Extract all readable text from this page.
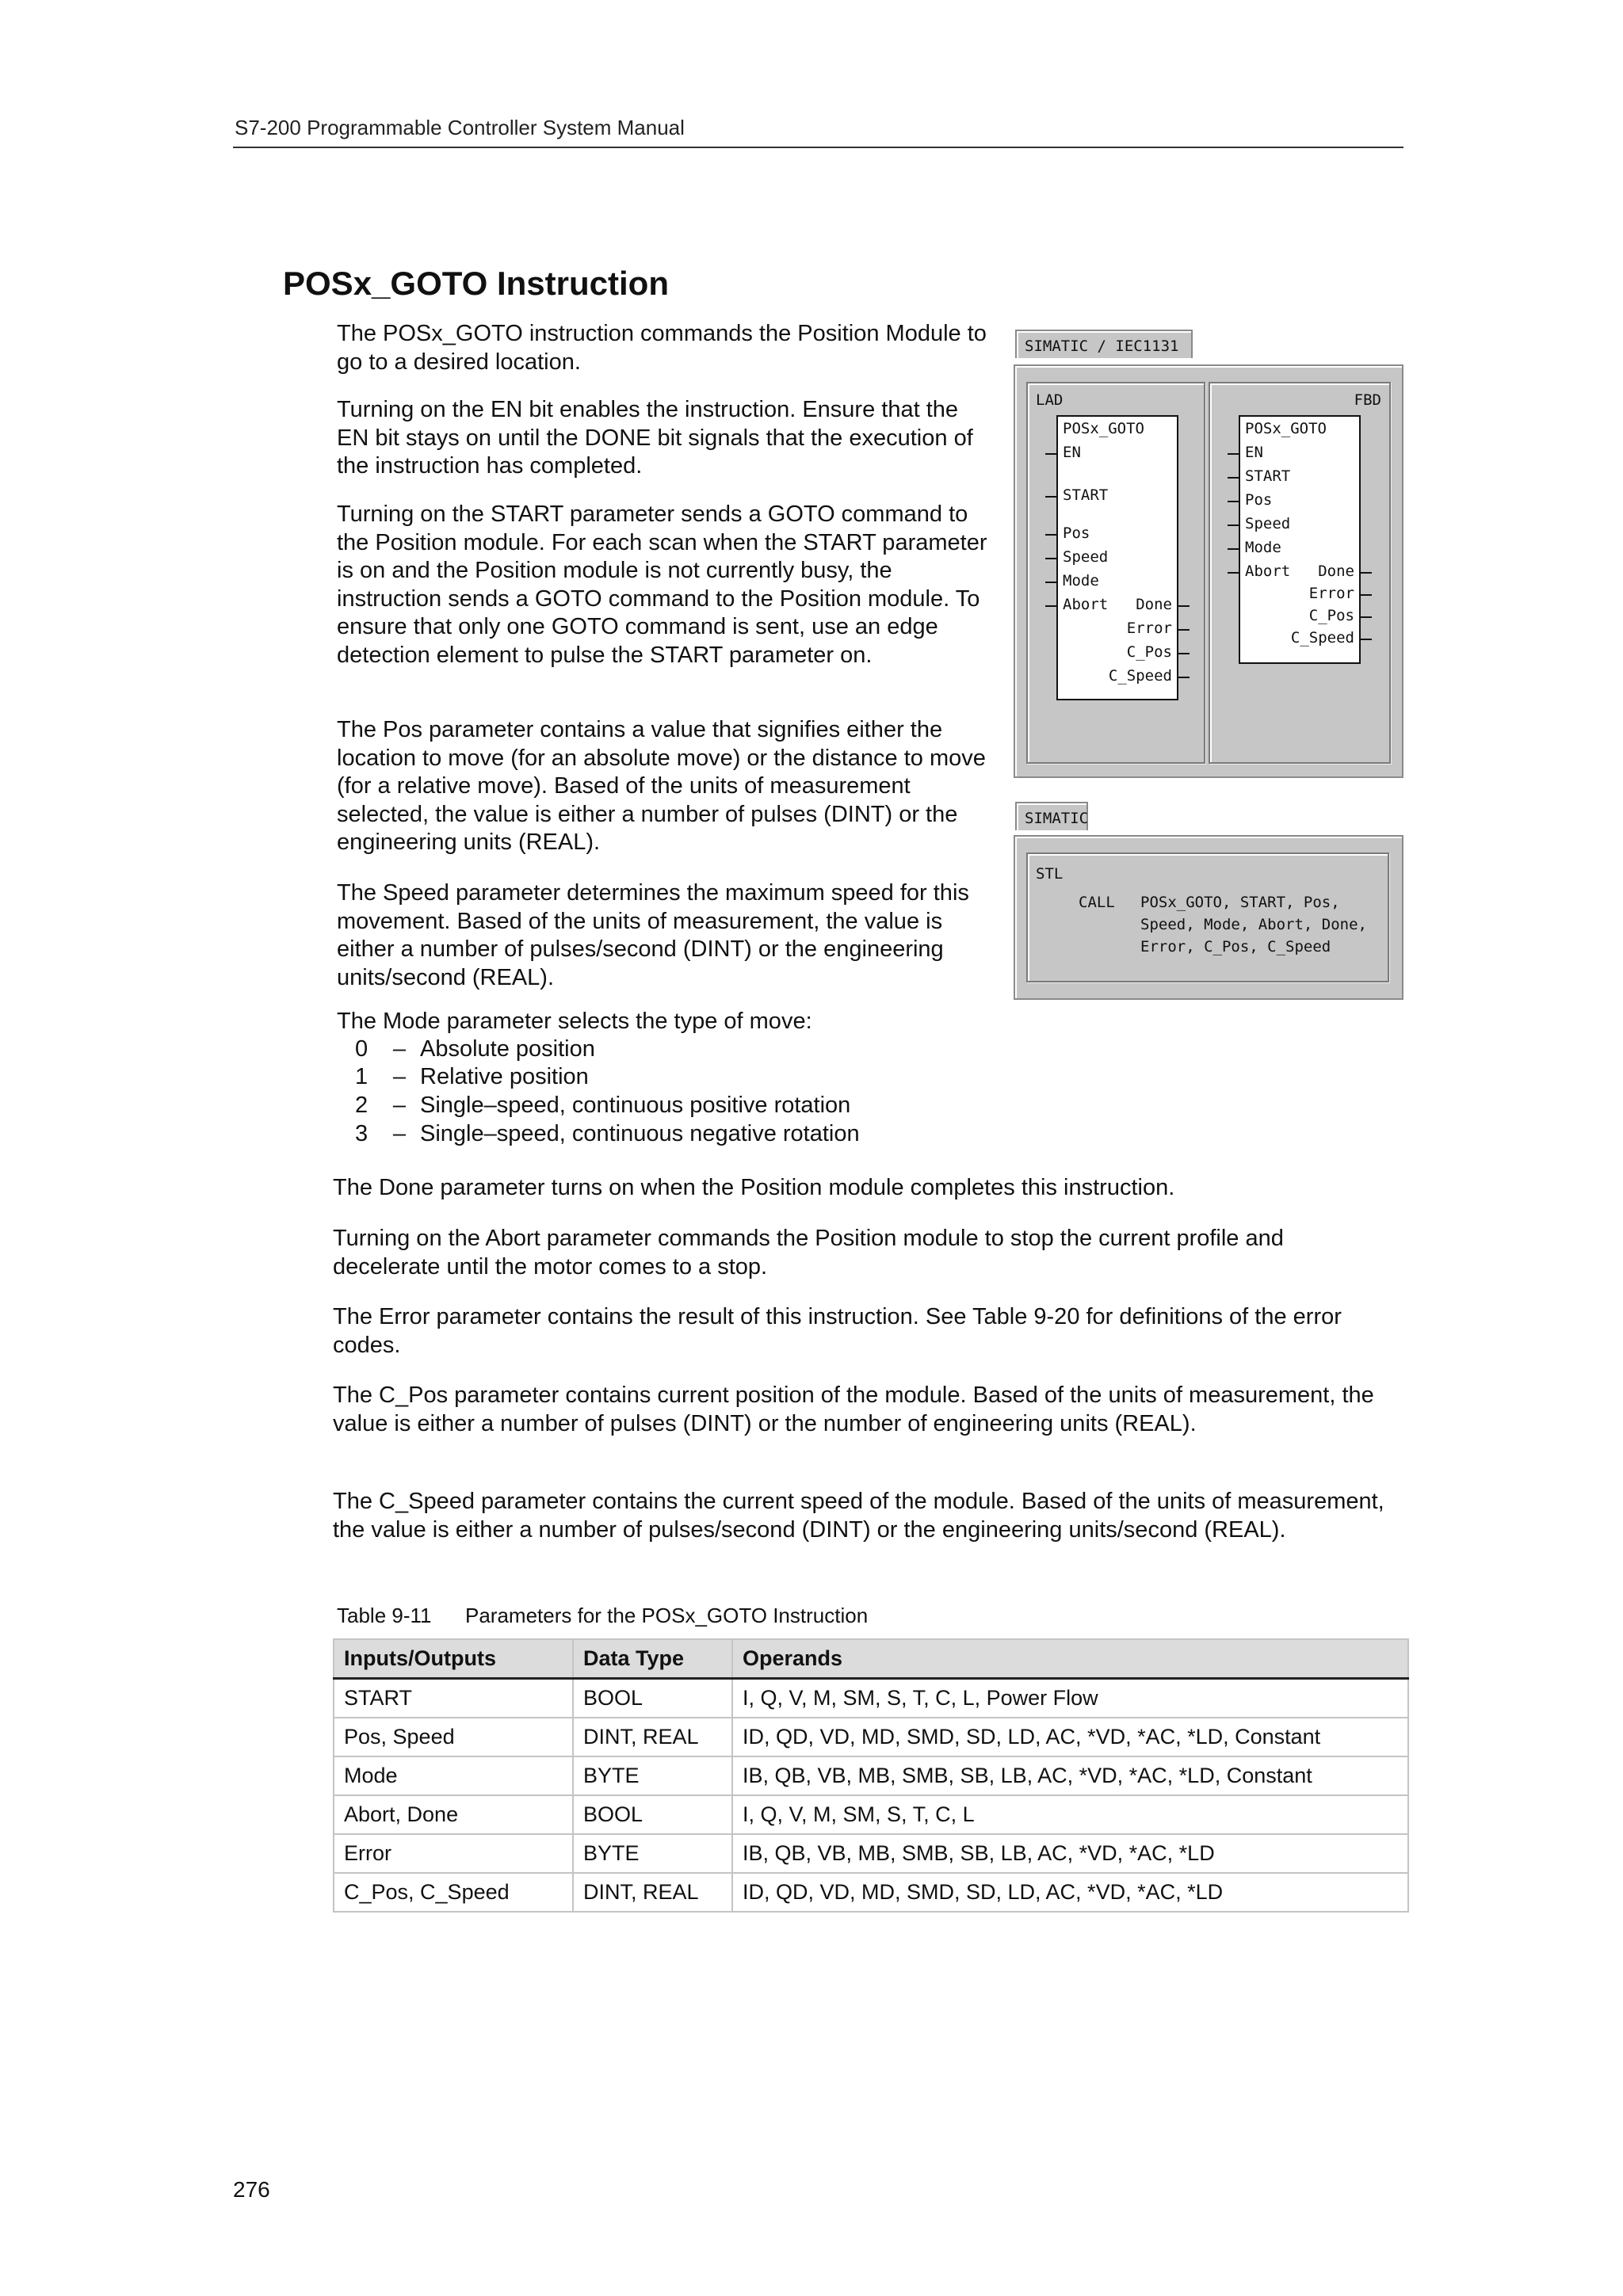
S7-200 Programmable Controller System Manual
POSx_GOTO Instruction
The POSx_GOTO instruction commands the Position Module to go to a desired location.
Turning on the EN bit enables the instruction. Ensure that the EN bit stays on until the DONE bit signals that the execution of the instruction has completed.
Turning on the START parameter sends a GOTO command to the Position module. For each scan when the START parameter is on and the Position module is not currently busy, the instruction sends a GOTO command to the Position module. To ensure that only one GOTO command is sent, use an edge detection element to pulse the START parameter on.
The Pos parameter contains a value that signifies either the location to move (for an absolute move) or the distance to move (for a relative move). Based of the units of measurement selected, the value is either a number of pulses (DINT) or the engineering units (REAL).
The Speed parameter determines the maximum speed for this movement. Based of the units of measurement, the value is either a number of pulses/second (DINT) or the engineering units/second (REAL).
The Mode parameter selects the type of move:
0 – Absolute position
1 – Relative position
2 – Single–speed, continuous positive rotation
3 – Single–speed, continuous negative rotation
The Done parameter turns on when the Position module completes this instruction.
Turning on the Abort parameter commands the Position module to stop the current profile and decelerate until the motor comes to a stop.
The Error parameter contains the result of this instruction. See Table 9-20 for definitions of the error codes.
The C_Pos parameter contains current position of the module. Based of the units of measurement, the value is either a number of pulses (DINT) or the number of engineering units (REAL).
The C_Speed parameter contains the current speed of the module. Based of the units of measurement, the value is either a number of pulses/second (DINT) or the engineering units/second (REAL).
SIMATIC / IEC1131
LAD
POSx_GOTO
EN
START
Pos
Speed
Mode
Abort Done
Error
C_Pos
C_Speed
FBD
POSx_GOTO
EN
START
Pos
Speed
Mode
Abort Done
Error
C_Pos
C_Speed
SIMATIC
STL
CALL POSx_GOTO, START, Pos,
Speed, Mode, Abort, Done,
Error, C_Pos, C_Speed
Table 9-11 Parameters for the POSx_GOTO Instruction
Inputs/Outputs	Data Type	Operands
START	BOOL	I, Q, V, M, SM, S, T, C, L, Power Flow
Pos, Speed	DINT, REAL	ID, QD, VD, MD, SMD, SD, LD, AC, *VD, *AC, *LD, Constant
Mode	BYTE	IB, QB, VB, MB, SMB, SB, LB, AC, *VD, *AC, *LD, Constant
Abort, Done	BOOL	I, Q, V, M, SM, S, T, C, L
Error	BYTE	IB, QB, VB, MB, SMB, SB, LB, AC, *VD, *AC, *LD
C_Pos, C_Speed	DINT, REAL	ID, QD, VD, MD, SMD, SD, LD, AC, *VD, *AC, *LD
276
